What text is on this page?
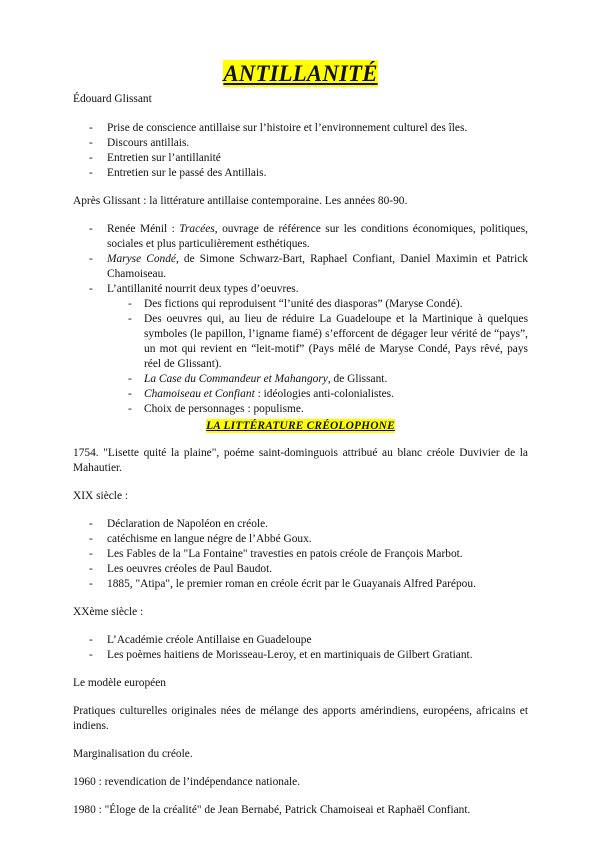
ANTILLANITÉ

Édouard Glissant

- Prise de conscience antillaise sur l’histoire et l’environnement culturel des îles.
- Discours antillais.
- Entretien sur l’antillanité
- Entretien sur le passé des Antillais.

Après Glissant : la littérature antillaise contemporaine. Les années 80-90.

- Renée Ménil : Tracées, ouvrage de référence sur les conditions économiques, politiques, sociales et plus particulièrement esthétiques.
- Maryse Condé, de Simone Schwarz-Bart, Raphael Confiant, Daniel Maximin et Patrick Chamoiseau.
- L’antillanité nourrit deux types d’oeuvres.
- Des fictions qui reproduisent “l’unité des diasporas” (Maryse Condé).
- Des oeuvres qui, au lieu de réduire La Guadeloupe et la Martinique à quelques symboles (le papillon, l’igname fiamé) s’efforcent de dégager leur vérité de “pays”, un mot qui revient en “leit-motif” (Pays mêlé de Maryse Condé, Pays rêvé, pays réel de Glissant).
- La Case du Commandeur et Mahangory, de Glissant.
- Chamoiseau et Confiant : idéologies anti-colonialistes.
- Choix de personnages : populisme.
LA LITTÉRATURE CRÉOLOPHONE

1754. "Lisette quité la plaine", poéme saint-dominguois attribué au blanc créole Duvivier de la Mahautier.

XIX siècle :

- Déclaration de Napoléon en créole.
- catéchisme en langue négre de l’Abbé Goux.
- Les Fables de la "La Fontaine" travesties en patois créole de François Marbot.
- Les oeuvres créoles de Paul Baudot.
- 1885, "Atipa", le premier roman en créole écrit par le Guayanais Alfred Parépou.

XXème siècle :

- L’Académie créole Antillaise en Guadeloupe
- Les poèmes haitiens de Morisseau-Leroy, et en martiniquais de Gilbert Gratiant.

Le modèle européen

Pratiques culturelles originales nées de mélange des apports amérindiens, européens, africains et indiens.

Marginalisation du créole.

1960 : revendication de l’indépendance nationale.

1980 : "Éloge de la créalité" de Jean Bernabé, Patrick Chamoiseai et Raphaël Confiant.
